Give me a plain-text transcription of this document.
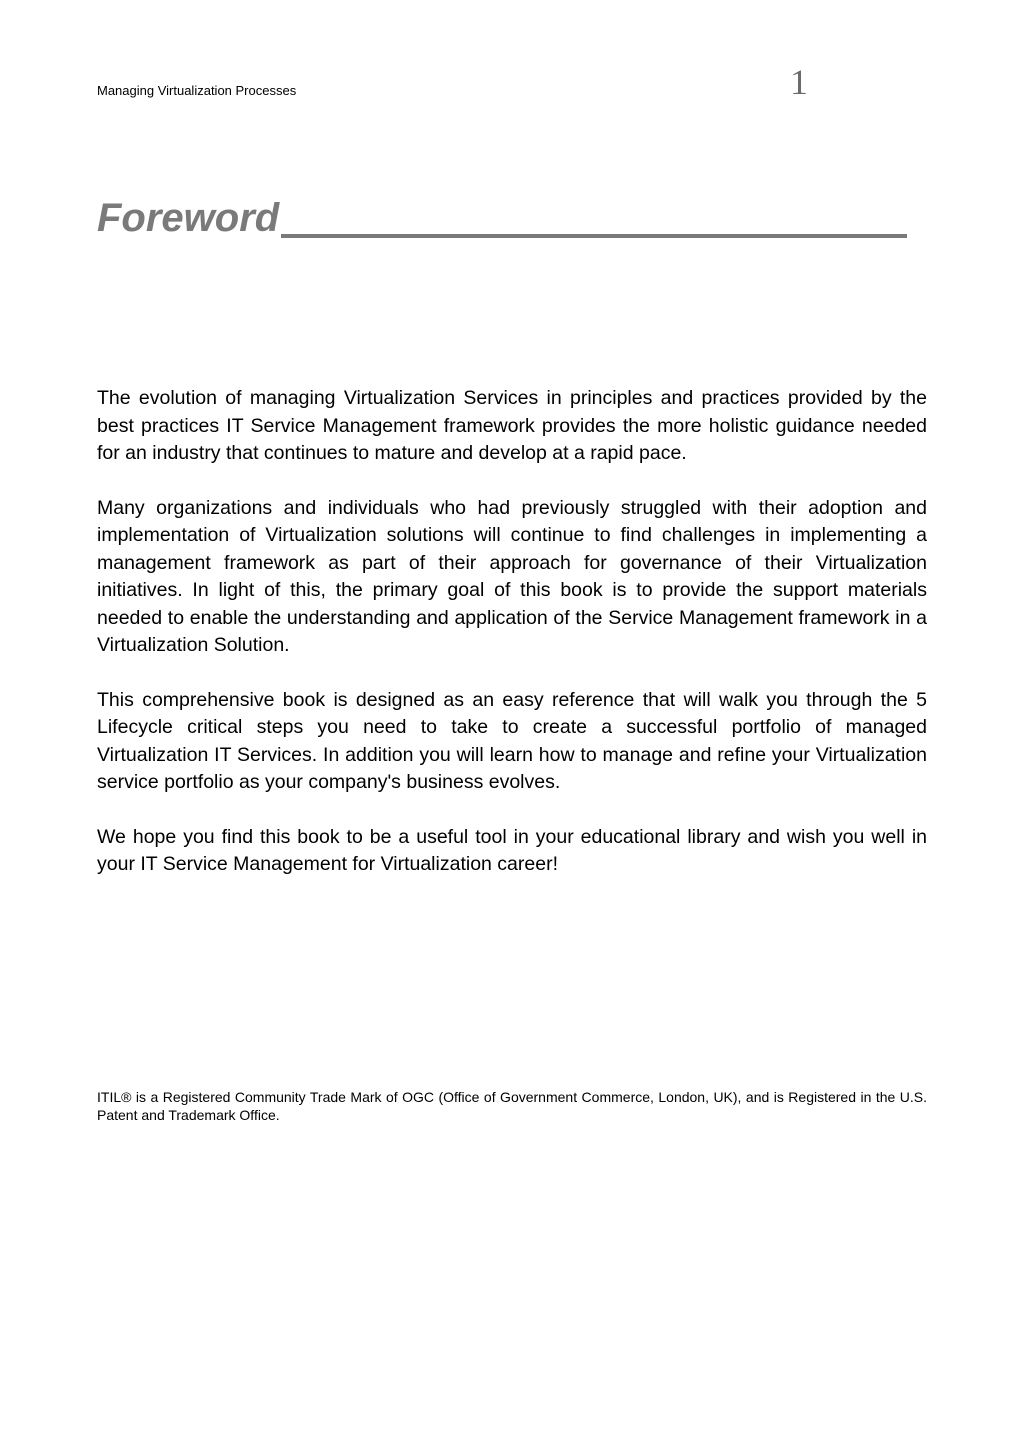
Managing Virtualization Processes	1
Foreword

The evolution of managing Virtualization Services in principles and practices provided by the best practices IT Service Management framework provides the more holistic guidance needed for an industry that continues to mature and develop at a rapid pace.

Many organizations and individuals who had previously struggled with their adoption and implementation of Virtualization solutions will continue to find challenges in implementing a management framework as part of their approach for governance of their Virtualization initiatives. In light of this, the primary goal of this book is to provide the support materials needed to enable the understanding and application of the Service Management framework in a Virtualization Solution.

This comprehensive book is designed as an easy reference that will walk you through the 5 Lifecycle critical steps you need to take to create a successful portfolio of managed Virtualization IT Services. In addition you will learn how to manage and refine your Virtualization service portfolio as your company's business evolves.

We hope you find this book to be a useful tool in your educational library and wish you well in your IT Service Management for Virtualization career!

ITIL® is a Registered Community Trade Mark of OGC (Office of Government Commerce, London, UK), and is Registered in the U.S. Patent and Trademark Office.
